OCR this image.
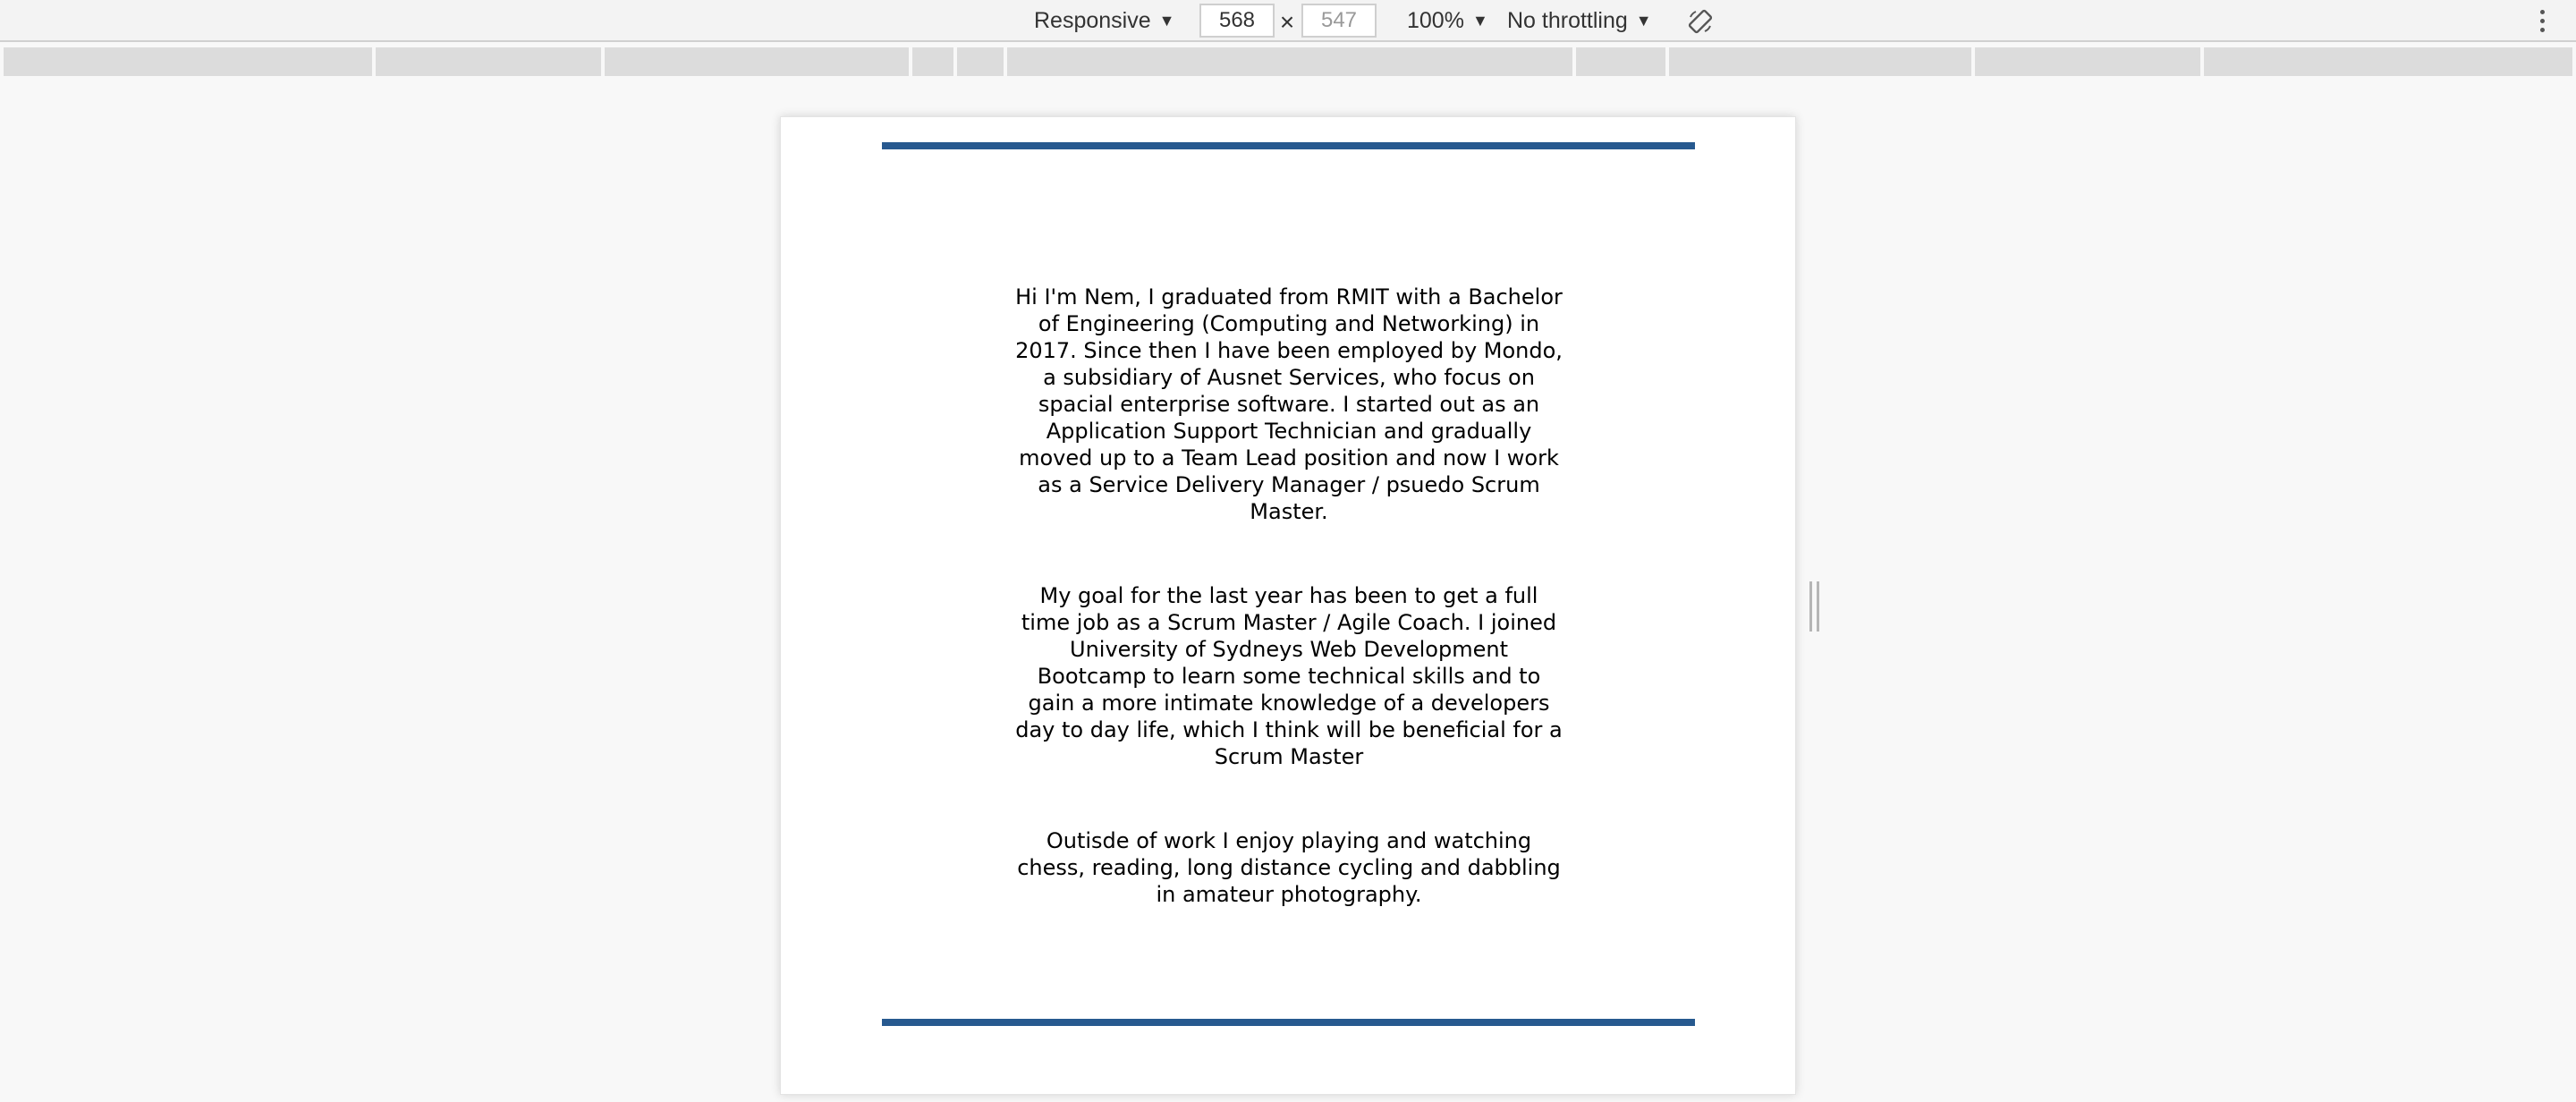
Responsive ▼
568	×
547	100% ▼ No throttling ▼

Hi I'm Nem, I graduated from RMIT with a Bachelor of Engineering (Computing and Networking) in 2017. Since then I have been employed by Mondo, a subsidiary of Ausnet Services, who focus on spacial enterprise software. I started out as an Application Support Technician and gradually moved up to a Team Lead position and now I work as a Service Delivery Manager / psuedo Scrum Master.

My goal for the last year has been to get a full time job as a Scrum Master / Agile Coach. I joined University of Sydneys Web Development Bootcamp to learn some technical skills and to gain a more intimate knowledge of a developers day to day life, which I think will be beneficial for a Scrum Master

Outisde of work I enjoy playing and watching chess, reading, long distance cycling and dabbling in amateur photography.
